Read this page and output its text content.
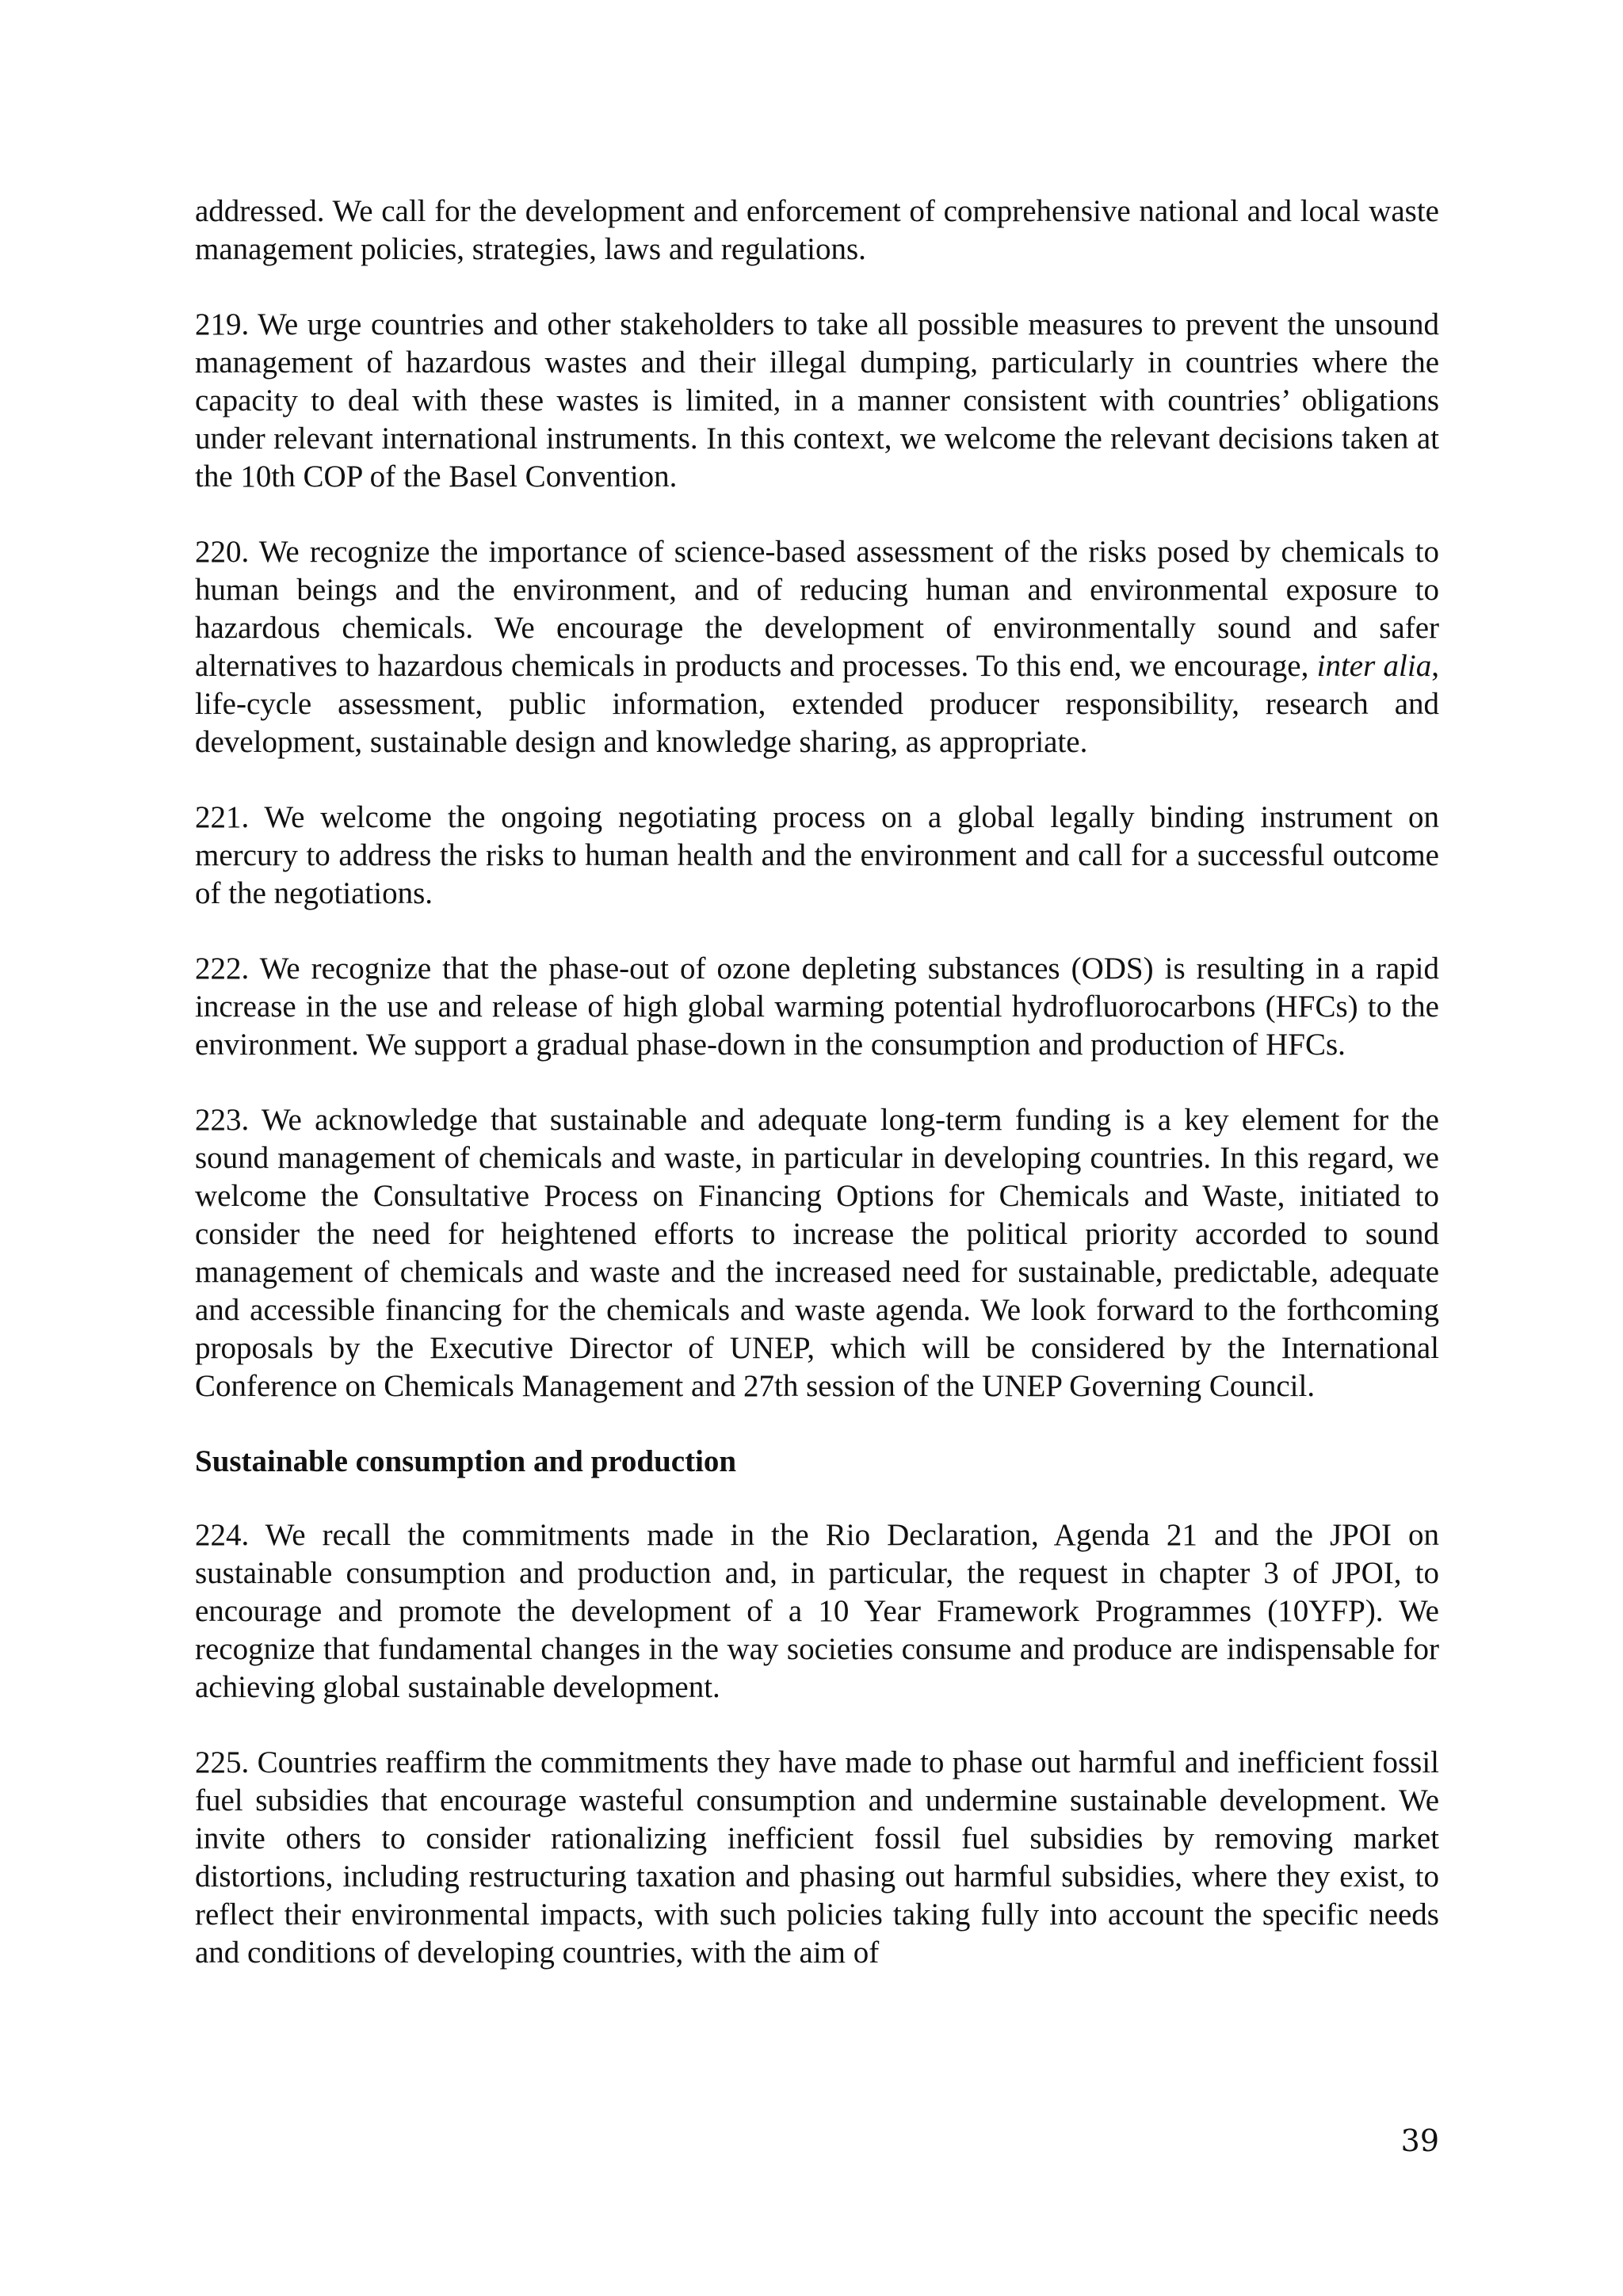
addressed. We call for the development and enforcement of comprehensive national and local waste management policies, strategies, laws and regulations.

219. We urge countries and other stakeholders to take all possible measures to prevent the unsound management of hazardous wastes and their illegal dumping, particularly in countries where the capacity to deal with these wastes is limited, in a manner consistent with countries’ obligations under relevant international instruments. In this context, we welcome the relevant decisions taken at the 10th COP of the Basel Convention.

220. We recognize the importance of science-based assessment of the risks posed by chemicals to human beings and the environment, and of reducing human and environmental exposure to hazardous chemicals. We encourage the development of environmentally sound and safer alternatives to hazardous chemicals in products and processes. To this end, we encourage, inter alia, life-cycle assessment, public information, extended producer responsibility, research and development, sustainable design and knowledge sharing, as appropriate.

221. We welcome the ongoing negotiating process on a global legally binding instrument on mercury to address the risks to human health and the environment and call for a successful outcome of the negotiations.

222. We recognize that the phase-out of ozone depleting substances (ODS) is resulting in a rapid increase in the use and release of high global warming potential hydrofluorocarbons (HFCs) to the environment. We support a gradual phase-down in the consumption and production of HFCs.

223. We acknowledge that sustainable and adequate long-term funding is a key element for the sound management of chemicals and waste, in particular in developing countries. In this regard, we welcome the Consultative Process on Financing Options for Chemicals and Waste, initiated to consider the need for heightened efforts to increase the political priority accorded to sound management of chemicals and waste and the increased need for sustainable, predictable, adequate and accessible financing for the chemicals and waste agenda. We look forward to the forthcoming proposals by the Executive Director of UNEP, which will be considered by the International Conference on Chemicals Management and 27th session of the UNEP Governing Council.

Sustainable consumption and production

224. We recall the commitments made in the Rio Declaration, Agenda 21 and the JPOI on sustainable consumption and production and, in particular, the request in chapter 3 of JPOI, to encourage and promote the development of a 10 Year Framework Programmes (10YFP). We recognize that fundamental changes in the way societies consume and produce are indispensable for achieving global sustainable development.

225. Countries reaffirm the commitments they have made to phase out harmful and inefficient fossil fuel subsidies that encourage wasteful consumption and undermine sustainable development. We invite others to consider rationalizing inefficient fossil fuel subsidies by removing market distortions, including restructuring taxation and phasing out harmful subsidies, where they exist, to reflect their environmental impacts, with such policies taking fully into account the specific needs and conditions of developing countries, with the aim of

39
